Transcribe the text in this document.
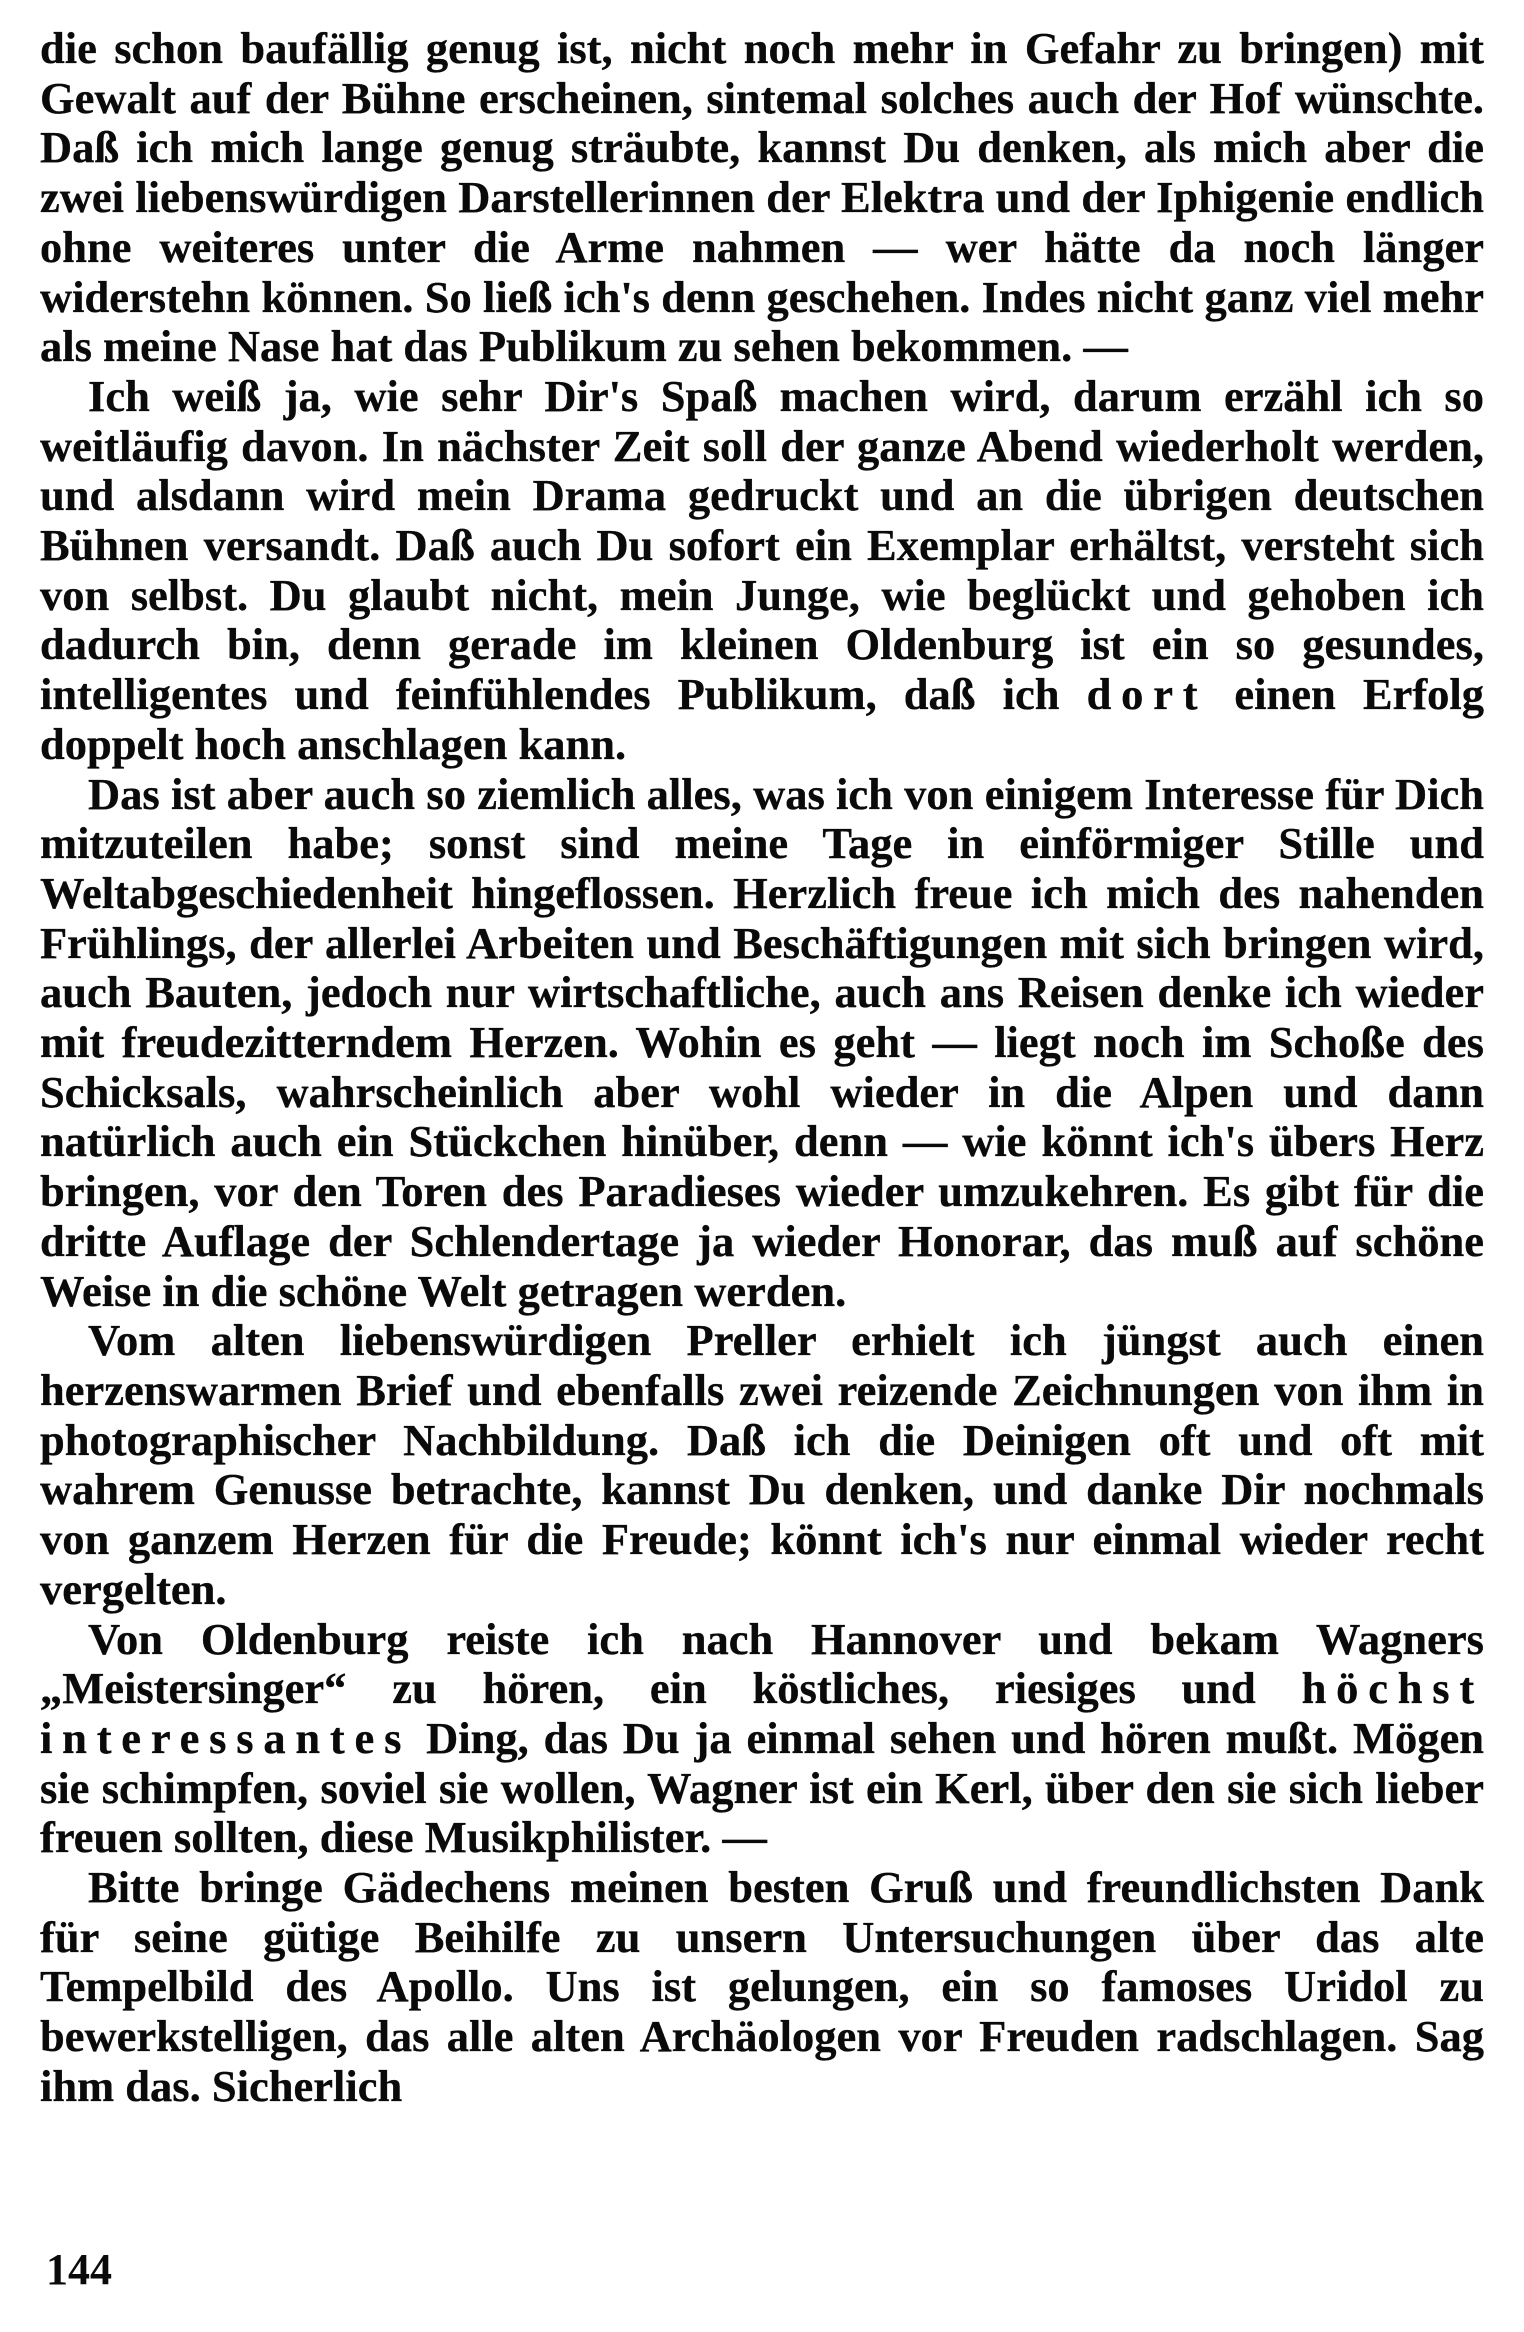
die schon baufällig genug ist, nicht noch mehr in Gefahr zu bringen) mit Gewalt auf der Bühne erscheinen, sintemal solches auch der Hof wünschte. Daß ich mich lange genug sträubte, kannst Du denken, als mich aber die zwei liebenswürdigen Darstellerinnen der Elektra und der Iphigenie endlich ohne weiteres unter die Arme nahmen — wer hätte da noch länger widerstehn können. So ließ ich's denn geschehen. Indes nicht ganz viel mehr als meine Nase hat das Publikum zu sehen bekommen. —

Ich weiß ja, wie sehr Dir's Spaß machen wird, darum erzähl ich so weitläufig davon. In nächster Zeit soll der ganze Abend wiederholt werden, und alsdann wird mein Drama gedruckt und an die übrigen deutschen Bühnen versandt. Daß auch Du sofort ein Exemplar erhältst, versteht sich von selbst. Du glaubt nicht, mein Junge, wie beglückt und gehoben ich dadurch bin, denn gerade im kleinen Oldenburg ist ein so gesundes, intelligentes und feinfühlendes Publikum, daß ich dort einen Erfolg doppelt hoch anschlagen kann.

Das ist aber auch so ziemlich alles, was ich von einigem Interesse für Dich mitzuteilen habe; sonst sind meine Tage in einförmiger Stille und Weltabgeschiedenheit hingeflossen. Herzlich freue ich mich des nahenden Frühlings, der allerlei Arbeiten und Beschäftigungen mit sich bringen wird, auch Bauten, jedoch nur wirtschaftliche, auch ans Reisen denke ich wieder mit freudezitterndem Herzen. Wohin es geht — liegt noch im Schoße des Schicksals, wahrscheinlich aber wohl wieder in die Alpen und dann natürlich auch ein Stückchen hinüber, denn — wie könnt ich's übers Herz bringen, vor den Toren des Paradieses wieder umzukehren. Es gibt für die dritte Auflage der Schlendertage ja wieder Honorar, das muß auf schöne Weise in die schöne Welt getragen werden.

Vom alten liebenswürdigen Preller erhielt ich jüngst auch einen herzenswarmen Brief und ebenfalls zwei reizende Zeichnungen von ihm in photographischer Nachbildung. Daß ich die Deinigen oft und oft mit wahrem Genusse betrachte, kannst Du denken, und danke Dir nochmals von ganzem Herzen für die Freude; könnt ich's nur einmal wieder recht vergelten.

Von Oldenburg reiste ich nach Hannover und bekam Wagners „Meistersinger“ zu hören, ein köstliches, riesiges und höchst interessantes Ding, das Du ja einmal sehen und hören mußt. Mögen sie schimpfen, soviel sie wollen, Wagner ist ein Kerl, über den sie sich lieber freuen sollten, diese Musikphilister. —

Bitte bringe Gädechens meinen besten Gruß und freundlichsten Dank für seine gütige Beihilfe zu unsern Untersuchungen über das alte Tempelbild des Apollo. Uns ist gelungen, ein so famoses Uridol zu bewerkstelligen, das alle alten Archäologen vor Freuden radschlagen. Sag ihm das. Sicherlich

144
